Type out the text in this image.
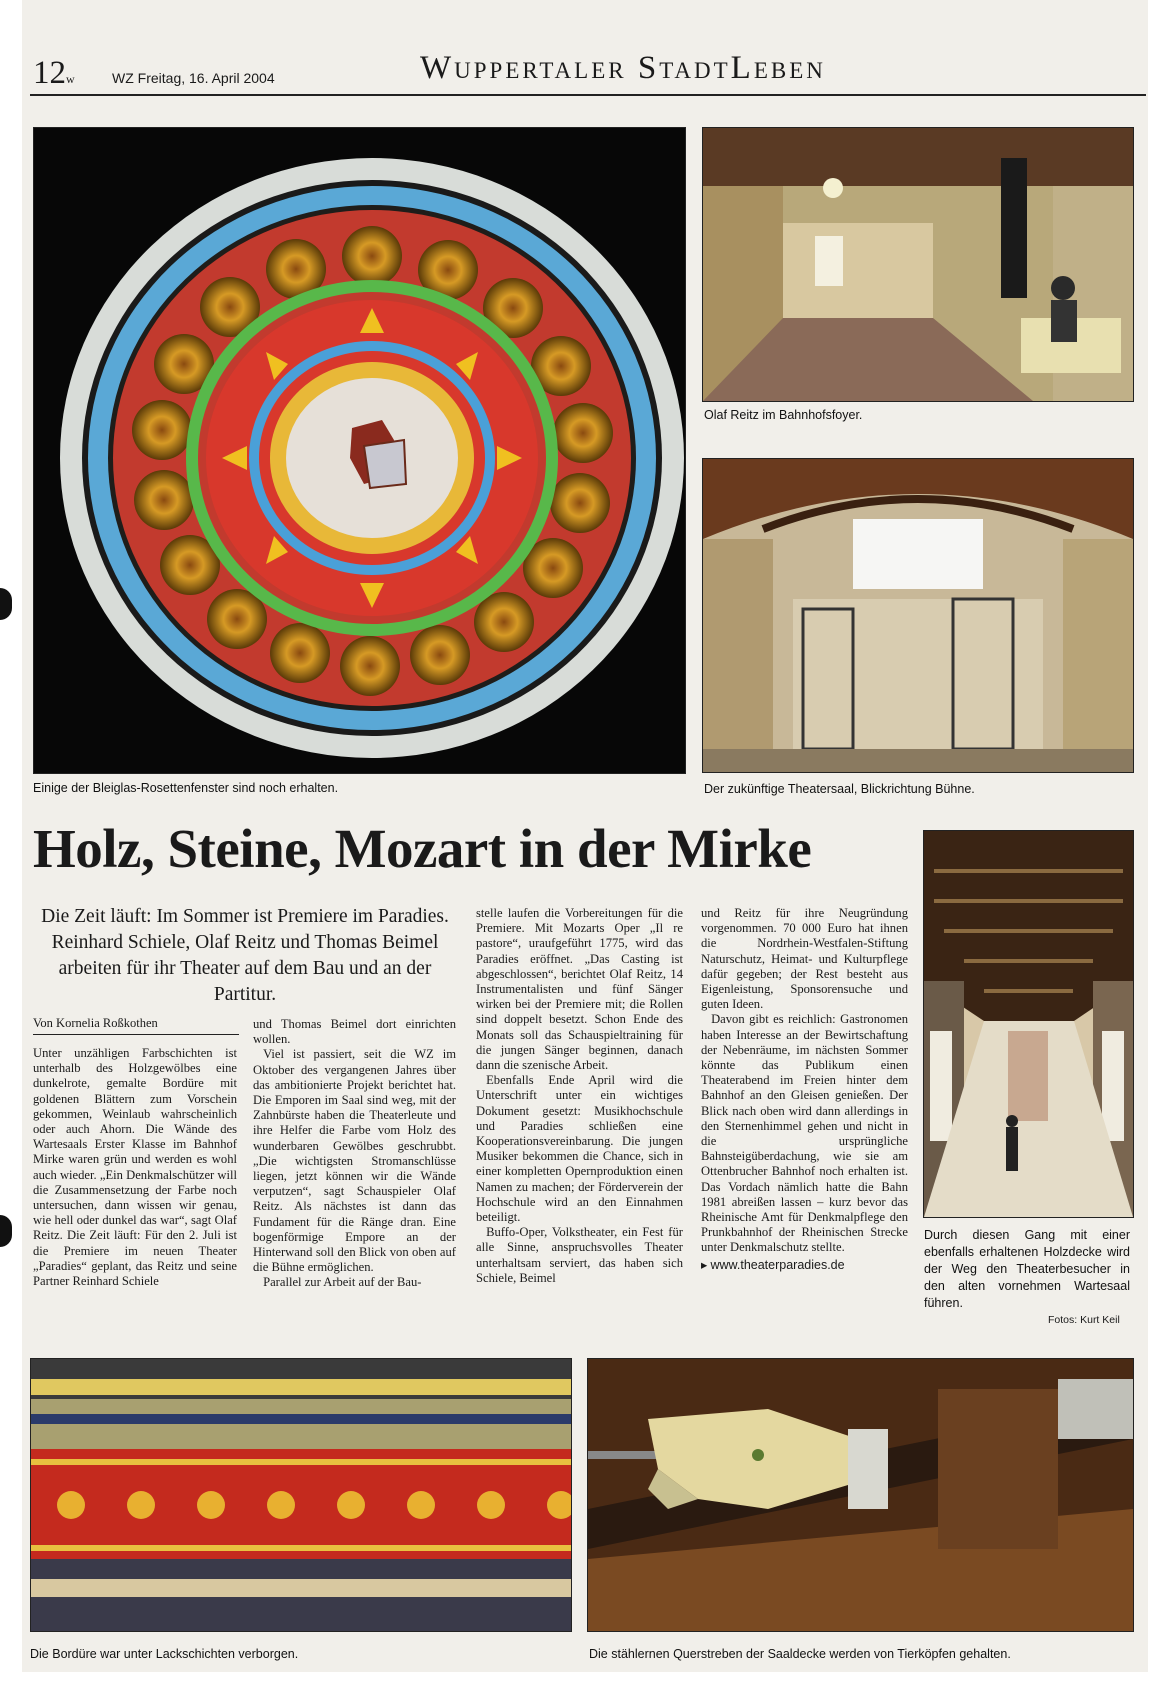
12w	WZ Freitag, 16. April 2004	Wuppertaler StadtLeben
Einige der Bleiglas-Rosettenfenster sind noch erhalten.
Olaf Reitz im Bahnhofsfoyer.
Der zukünftige Theatersaal, Blickrichtung Bühne.
Holz, Steine, Mozart in der Mirke
Die Zeit läuft: Im Sommer ist Premiere im Paradies. Reinhard Schiele, Olaf Reitz und Thomas Beimel arbeiten für ihr Theater auf dem Bau und an der Partitur.
Von Kornelia Roßkothen

Unter unzähligen Farbschichten ist unterhalb des Holzgewölbes eine dunkelrote, gemalte Bordüre mit goldenen Blättern zum Vorschein gekommen, Weinlaub wahrscheinlich oder auch Ahorn. Die Wände des Wartesaals Erster Klasse im Bahnhof Mirke waren grün und werden es wohl auch wieder. „Ein Denkmalschützer will die Zusammensetzung der Farbe noch untersuchen, dann wissen wir genau, wie hell oder dunkel das war“, sagt Olaf Reitz. Die Zeit läuft: Für den 2. Juli ist die Premiere im neuen Theater „Paradies“ geplant, das Reitz und seine Partner Reinhard Schiele

und Thomas Beimel dort einrichten wollen.

Viel ist passiert, seit die WZ im Oktober des vergangenen Jahres über das ambitionierte Projekt berichtet hat. Die Emporen im Saal sind weg, mit der Zahnbürste haben die Theaterleute und ihre Helfer die Farbe vom Holz des wunderbaren Gewölbes geschrubbt. „Die wichtigsten Stromanschlüsse liegen, jetzt können wir die Wände verputzen“, sagt Schauspieler Olaf Reitz. Als nächstes ist dann das Fundament für die Ränge dran. Eine bogenförmige Empore an der Hinterwand soll den Blick von oben auf die Bühne ermöglichen.

Parallel zur Arbeit auf der Bau-

stelle laufen die Vorbereitungen für die Premiere. Mit Mozarts Oper „Il re pastore“, uraufgeführt 1775, wird das Paradies eröffnet. „Das Casting ist abgeschlossen“, berichtet Olaf Reitz, 14 Instrumentalisten und fünf Sänger wirken bei der Premiere mit; die Rollen sind doppelt besetzt. Schon Ende des Monats soll das Schauspieltraining für die jungen Sänger beginnen, danach dann die szenische Arbeit.

Ebenfalls Ende April wird die Unterschrift unter ein wichtiges Dokument gesetzt: Musikhochschule und Paradies schließen eine Kooperationsvereinbarung. Die jungen Musiker bekommen die Chance, sich in einer kompletten Opernproduktion einen Namen zu machen; der Förderverein der Hochschule wird an den Einnahmen beteiligt.

Buffo-Oper, Volkstheater, ein Fest für alle Sinne, anspruchsvolles Theater unterhaltsam serviert, das haben sich Schiele, Beimel

und Reitz für ihre Neugründung vorgenommen. 70 000 Euro hat ihnen die Nordrhein-Westfalen-Stiftung Naturschutz, Heimat- und Kulturpflege dafür gegeben; der Rest besteht aus Eigenleistung, Sponsorensuche und guten Ideen.

Davon gibt es reichlich: Gastronomen haben Interesse an der Bewirtschaftung der Nebenräume, im nächsten Sommer könnte das Publikum einen Theaterabend im Freien hinter dem Bahnhof an den Gleisen genießen. Der Blick nach oben wird dann allerdings in den Sternenhimmel gehen und nicht in die ursprüngliche Bahnsteigüberdachung, wie sie am Ottenbrucher Bahnhof noch erhalten ist. Das Vordach nämlich hatte die Bahn 1981 abreißen lassen – kurz bevor das Rheinische Amt für Denkmalpflege den Prunkbahnhof der Rheinischen Strecke unter Denkmalschutz stellte.

▸ www.theaterparadies.de

Durch diesen Gang mit einer ebenfalls erhaltenen Holzdecke wird der Weg den Theaterbesucher in den alten vornehmen Wartesaal führen.
Fotos: Kurt Keil
Die Bordüre war unter Lackschichten verborgen.	Die stählernen Querstreben der Saaldecke werden von Tierköpfen gehalten.
